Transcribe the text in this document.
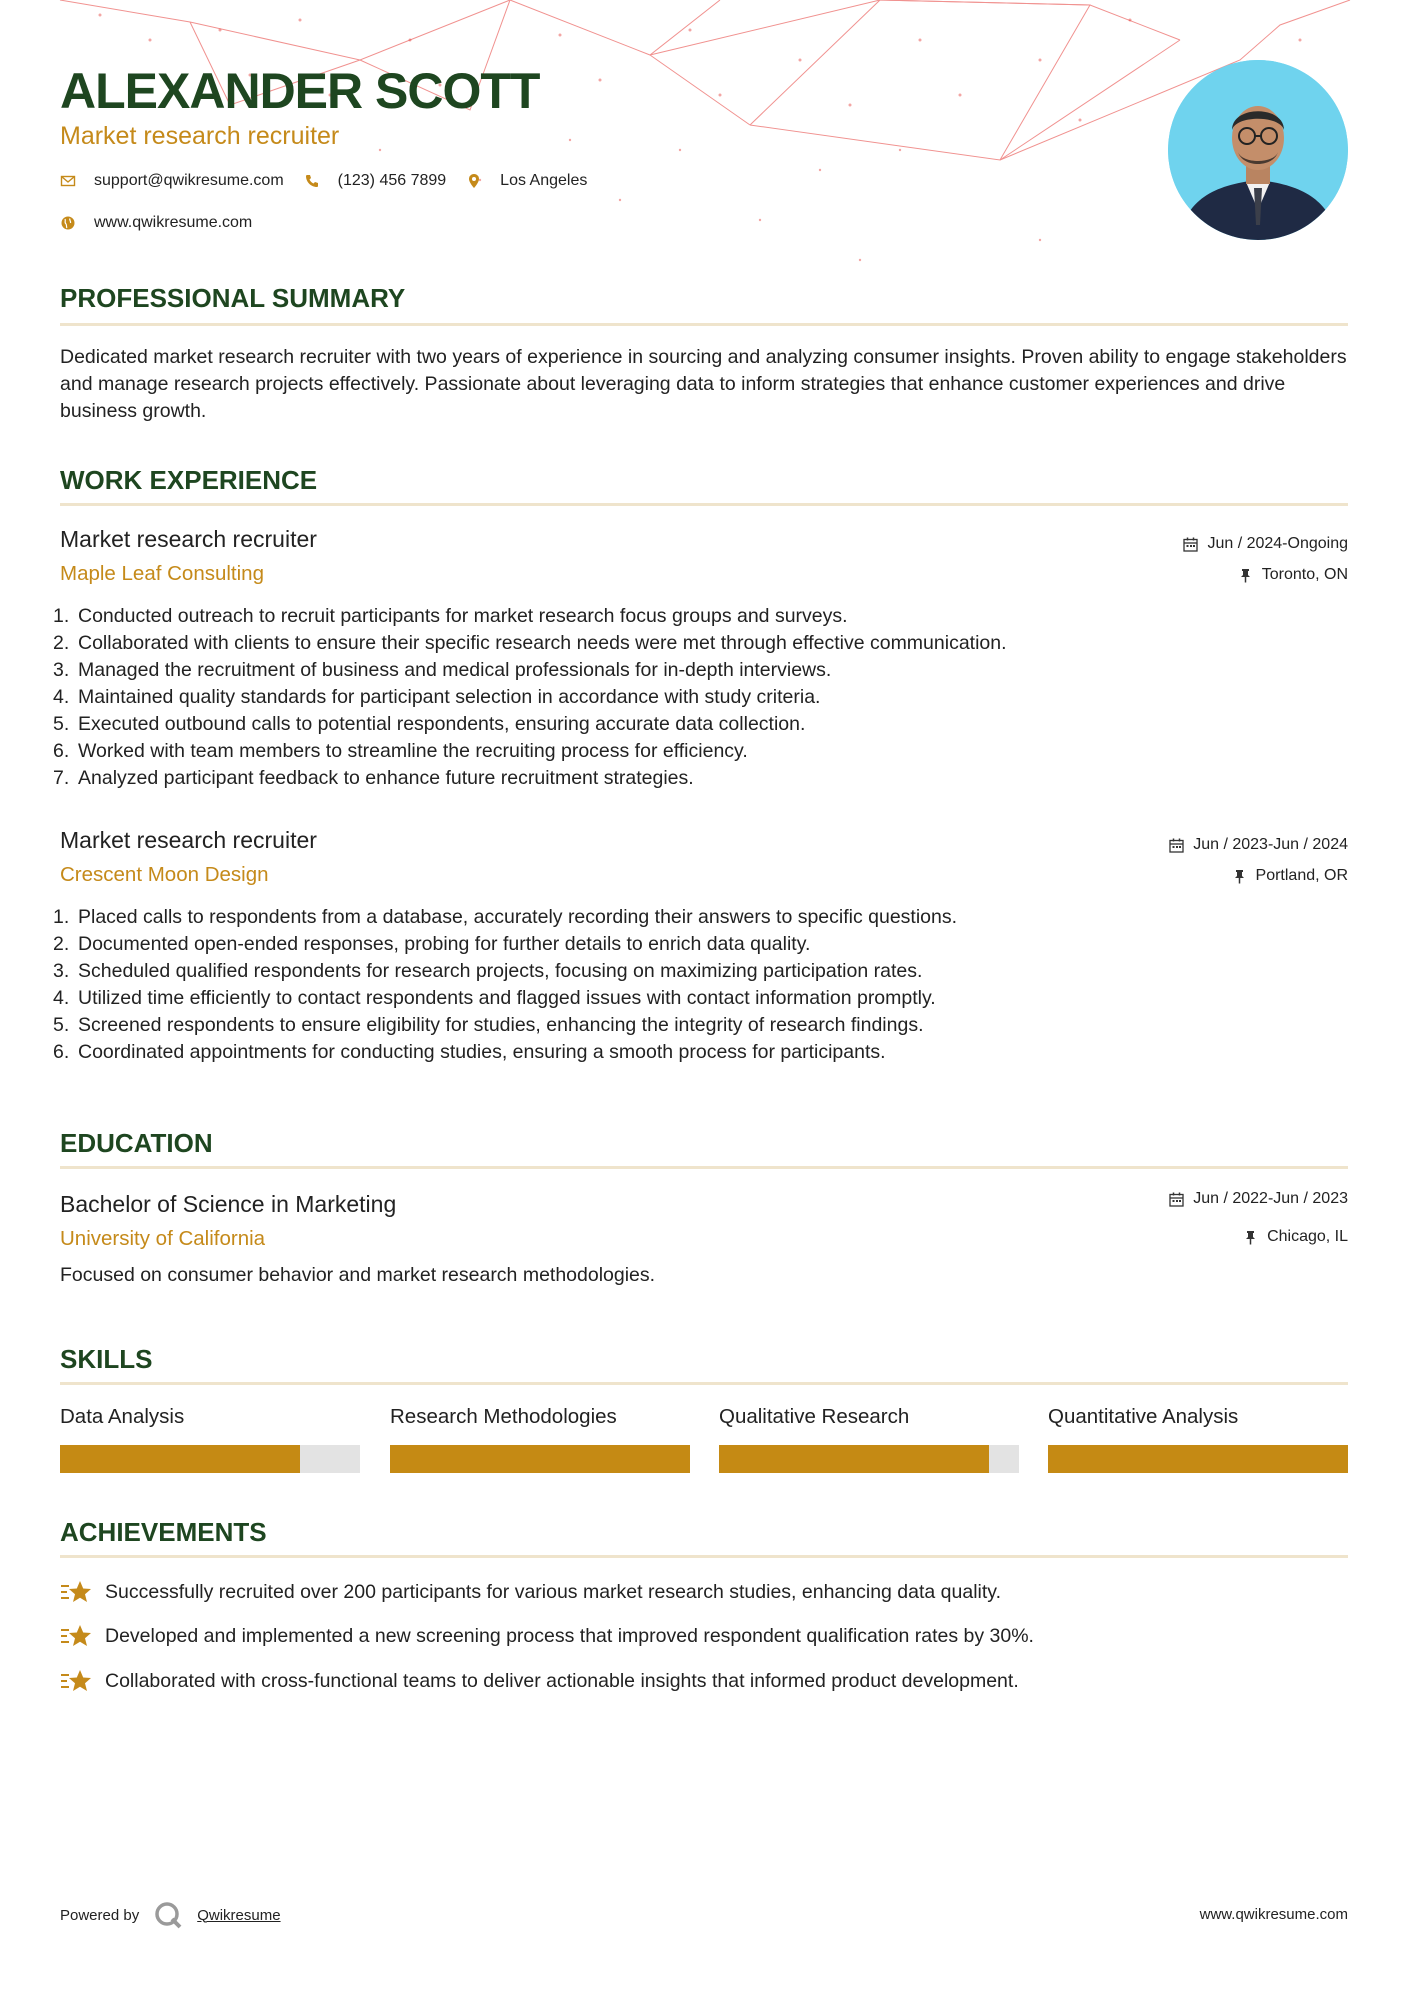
ALEXANDER SCOTT
Market research recruiter
support@qwikresume.com	(123) 456 7899	Los Angeles
www.qwikresume.com
PROFESSIONAL SUMMARY
Dedicated market research recruiter with two years of experience in sourcing and analyzing consumer insights. Proven ability to engage stakeholders and manage research projects effectively. Passionate about leveraging data to inform strategies that enhance customer experiences and drive business growth.
WORK EXPERIENCE
Market research recruiter
Maple Leaf Consulting
Jun / 2024-Ongoing
Toronto, ON
1. Conducted outreach to recruit participants for market research focus groups and surveys.
2. Collaborated with clients to ensure their specific research needs were met through effective communication.
3. Managed the recruitment of business and medical professionals for in-depth interviews.
4. Maintained quality standards for participant selection in accordance with study criteria.
5. Executed outbound calls to potential respondents, ensuring accurate data collection.
6. Worked with team members to streamline the recruiting process for efficiency.
7. Analyzed participant feedback to enhance future recruitment strategies.
Market research recruiter
Crescent Moon Design
Jun / 2023-Jun / 2024
Portland, OR
1. Placed calls to respondents from a database, accurately recording their answers to specific questions.
2. Documented open-ended responses, probing for further details to enrich data quality.
3. Scheduled qualified respondents for research projects, focusing on maximizing participation rates.
4. Utilized time efficiently to contact respondents and flagged issues with contact information promptly.
5. Screened respondents to ensure eligibility for studies, enhancing the integrity of research findings.
6. Coordinated appointments for conducting studies, ensuring a smooth process for participants.
EDUCATION
Bachelor of Science in Marketing
University of California
Jun / 2022-Jun / 2023
Chicago, IL
Focused on consumer behavior and market research methodologies.
SKILLS
Data Analysis	Research Methodologies	Qualitative Research	Quantitative Analysis
ACHIEVEMENTS
Successfully recruited over 200 participants for various market research studies, enhancing data quality.
Developed and implemented a new screening process that improved respondent qualification rates by 30%.
Collaborated with cross-functional teams to deliver actionable insights that informed product development.
Powered by	Qwikresume	www.qwikresume.com
